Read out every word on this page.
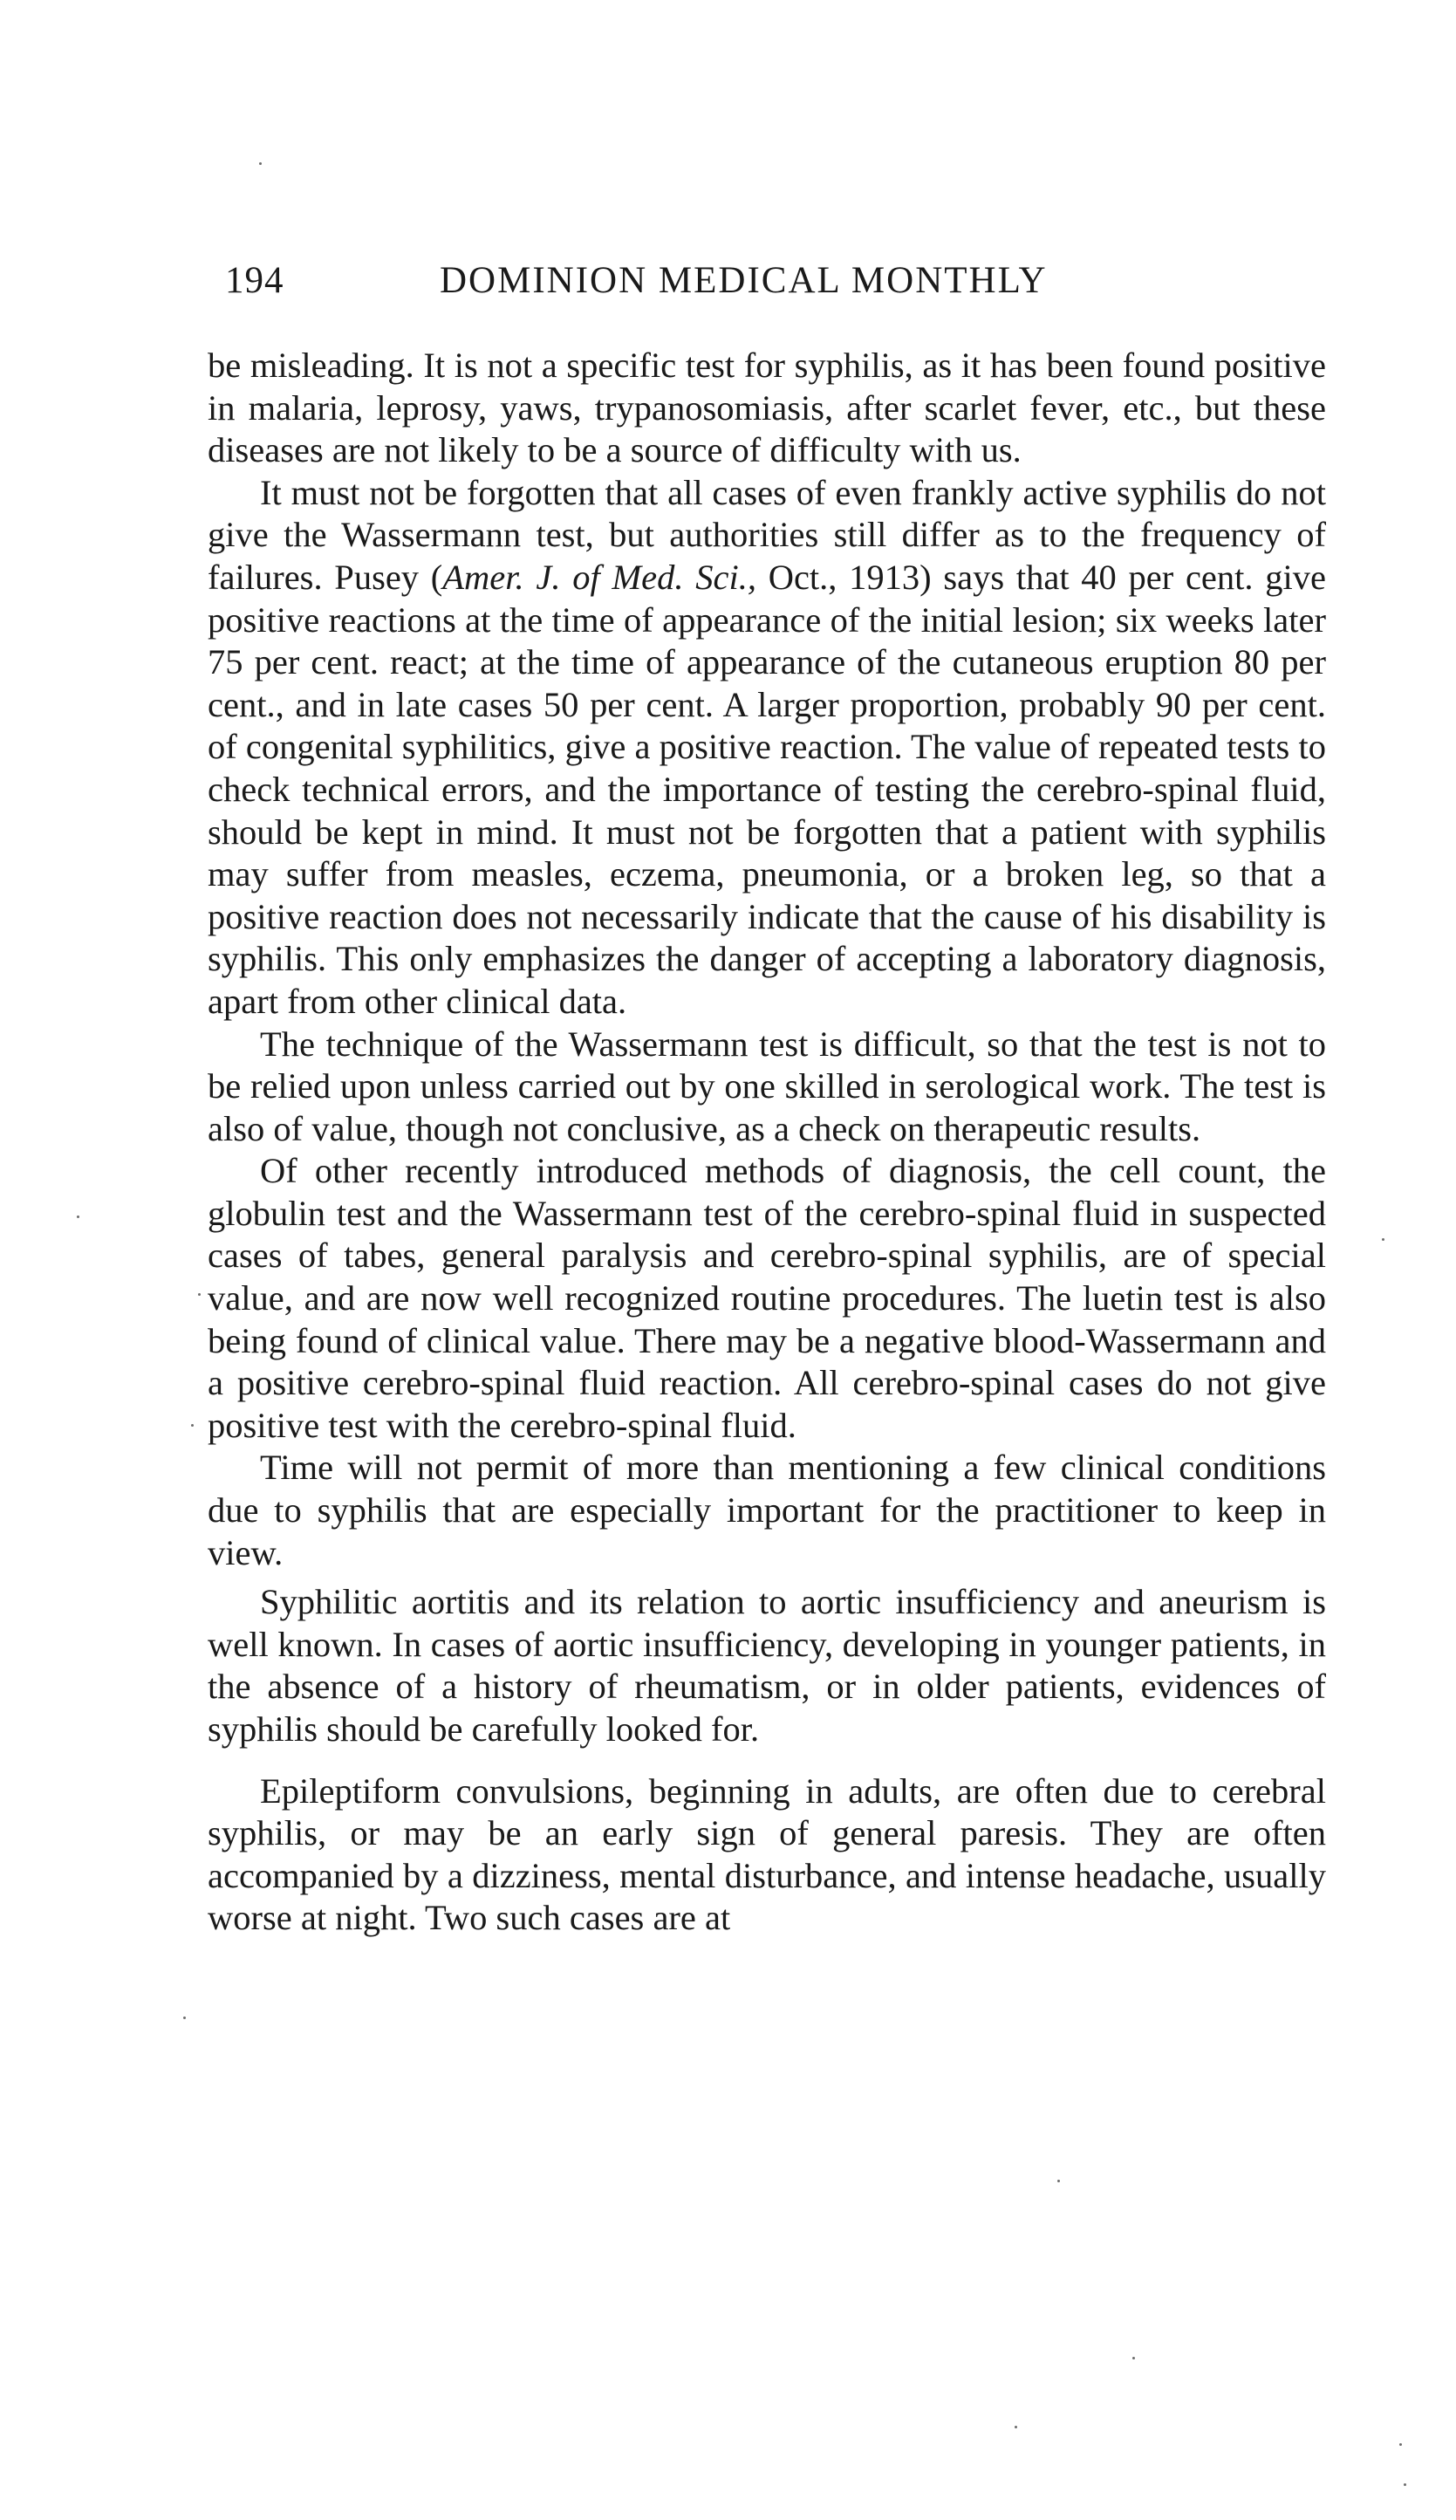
194	DOMINION MEDICAL MONTHLY

be misleading. It is not a specific test for syphilis, as it has been found positive in malaria, leprosy, yaws, trypanosomiasis, after scarlet fever, etc., but these diseases are not likely to be a source of difficulty with us.

It must not be forgotten that all cases of even frankly active syphilis do not give the Wassermann test, but authorities still differ as to the frequency of failures. Pusey (Amer. J. of Med. Sci., Oct., 1913) says that 40 per cent. give positive reactions at the time of appearance of the initial lesion; six weeks later 75 per cent. react; at the time of appearance of the cutaneous eruption 80 per cent., and in late cases 50 per cent. A larger proportion, probably 90 per cent. of congenital syphilitics, give a positive reaction. The value of repeated tests to check technical errors, and the importance of testing the cerebro-spinal fluid, should be kept in mind. It must not be forgotten that a patient with syphilis may suffer from measles, eczema, pneumonia, or a broken leg, so that a positive reaction does not necessarily indicate that the cause of his disability is syphilis. This only emphasizes the danger of accepting a laboratory diagnosis, apart from other clinical data.

The technique of the Wassermann test is difficult, so that the test is not to be relied upon unless carried out by one skilled in serological work. The test is also of value, though not conclusive, as a check on therapeutic results.

Of other recently introduced methods of diagnosis, the cell count, the globulin test and the Wassermann test of the cerebro-spinal fluid in suspected cases of tabes, general paralysis and cerebro-spinal syphilis, are of special value, and are now well recognized routine procedures. The luetin test is also being found of clinical value. There may be a negative blood-Wassermann and a positive cerebro-spinal fluid reaction. All cerebro-spinal cases do not give positive test with the cerebro-spinal fluid.

Time will not permit of more than mentioning a few clinical conditions due to syphilis that are especially important for the practitioner to keep in view.

Syphilitic aortitis and its relation to aortic insufficiency and aneurism is well known. In cases of aortic insufficiency, developing in younger patients, in the absence of a history of rheumatism, or in older patients, evidences of syphilis should be carefully looked for.

Epileptiform convulsions, beginning in adults, are often due to cerebral syphilis, or may be an early sign of general paresis. They are often accompanied by a dizziness, mental disturbance, and intense headache, usually worse at night. Two such cases are at
